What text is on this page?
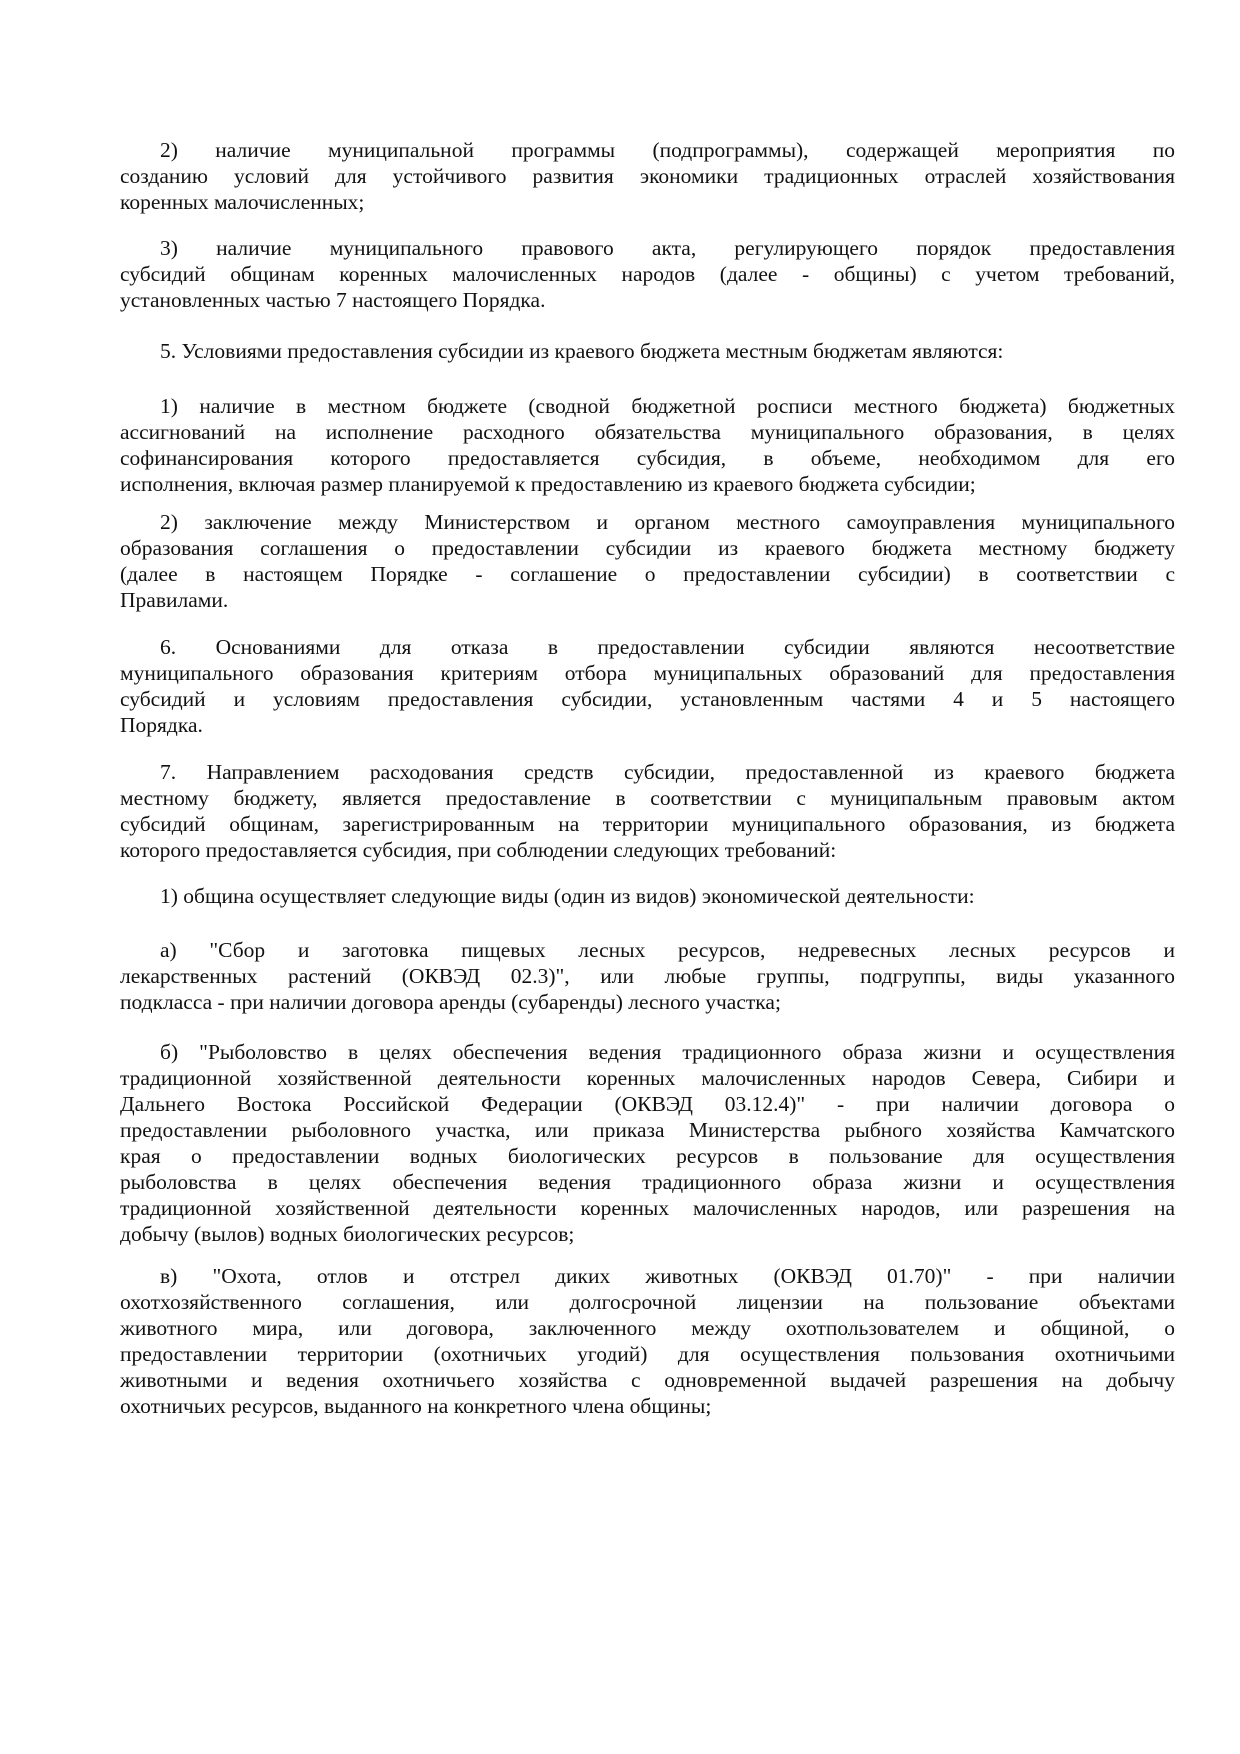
2) наличие муниципальной программы (подпрограммы), содержащей мероприятия по
созданию условий для устойчивого развития экономики традиционных отраслей хозяйствования
коренных малочисленных;
3) наличие муниципального правового акта, регулирующего порядок предоставления
субсидий общинам коренных малочисленных народов (далее - общины) с учетом требований,
установленных частью 7 настоящего Порядка.
5. Условиями предоставления субсидии из краевого бюджета местным бюджетам являются:
1) наличие в местном бюджете (сводной бюджетной росписи местного бюджета) бюджетных
ассигнований на исполнение расходного обязательства муниципального образования, в целях
софинансирования которого предоставляется субсидия, в объеме, необходимом для его
исполнения, включая размер планируемой к предоставлению из краевого бюджета субсидии;
2) заключение между Министерством и органом местного самоуправления муниципального
образования соглашения о предоставлении субсидии из краевого бюджета местному бюджету
(далее в настоящем Порядке - соглашение о предоставлении субсидии) в соответствии с
Правилами.
6. Основаниями для отказа в предоставлении субсидии являются несоответствие
муниципального образования критериям отбора муниципальных образований для предоставления
субсидий и условиям предоставления субсидии, установленным частями 4 и 5 настоящего
Порядка.
7. Направлением расходования средств субсидии, предоставленной из краевого бюджета
местному бюджету, является предоставление в соответствии с муниципальным правовым актом
субсидий общинам, зарегистрированным на территории муниципального образования, из бюджета
которого предоставляется субсидия, при соблюдении следующих требований:
1) община осуществляет следующие виды (один из видов) экономической деятельности:
а) "Сбор и заготовка пищевых лесных ресурсов, недревесных лесных ресурсов и
лекарственных растений (ОКВЭД 02.3)", или любые группы, подгруппы, виды указанного
подкласса - при наличии договора аренды (субаренды) лесного участка;
б) "Рыболовство в целях обеспечения ведения традиционного образа жизни и осуществления
традиционной хозяйственной деятельности коренных малочисленных народов Севера, Сибири и
Дальнего Востока Российской Федерации (ОКВЭД 03.12.4)" - при наличии договора о
предоставлении рыболовного участка, или приказа Министерства рыбного хозяйства Камчатского
края о предоставлении водных биологических ресурсов в пользование для осуществления
рыболовства в целях обеспечения ведения традиционного образа жизни и осуществления
традиционной хозяйственной деятельности коренных малочисленных народов, или разрешения на
добычу (вылов) водных биологических ресурсов;
в) "Охота, отлов и отстрел диких животных (ОКВЭД 01.70)" - при наличии
охотхозяйственного соглашения, или долгосрочной лицензии на пользование объектами
животного мира, или договора, заключенного между охотпользователем и общиной, о
предоставлении территории (охотничьих угодий) для осуществления пользования охотничьими
животными и ведения охотничьего хозяйства с одновременной выдачей разрешения на добычу
охотничьих ресурсов, выданного на конкретного члена общины;
